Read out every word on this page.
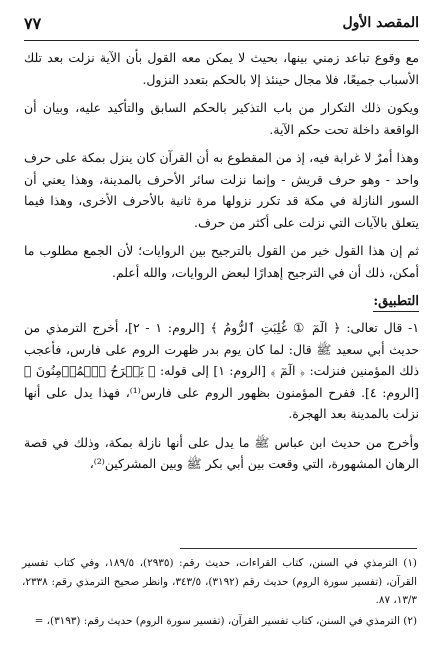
المقصد الأول
٧٧

مع وقوع تباعد زمني بينها، بحيث لا يمكن معه القول بأن الآية نزلت بعد تلك الأسباب جميعًا، فلا مجال حينئذ إلا بالحكم بتعدد النزول.

ويكون ذلك التكرار من باب التذكير بالحكم السابق والتأكيد عليه، وبيان أن الواقعة داخلة تحت حكم الآية.

وهذا أمرٌ لا غرابة فيه، إذ من المقطوع به أن القرآن كان ينزل بمكة على حرف واحد - وهو حرف قريش - وإنما نزلت سائر الأحرف بالمدينة، وهذا يعني أن السور النازلة في مكة قد تكرر نزولها مرة ثانية بالأحرف الأخرى، وهذا فيما يتعلق بالآيات التي نزلت على أكثر من حرف.

ثم إن هذا القول خير من القول بالترجيح بين الروايات؛ لأن الجمع مطلوب ما أمكن، ذلك أن في الترجيح إهدارًا لبعض الروايات، والله أعلم.

التطبيق:

١- قال تعالى: ﴿ الٓمٓ ① غُلِبَتِ ٱلرُّومُ ﴾ [الروم: ١ - ٢]، أخرج الترمذي من حديث أبي سعيد ﷺ قال: لما كان يوم بدر ظهرت الروم على فارس، فأعجب ذلك المؤمنين فنزلت: ﴿ الٓمٓ ﴾ [الروم: ١] إلى قوله: ﴿ يَفۡرَحُ ٱلۡمُؤۡمِنُونَ ﴾ [الروم: ٤]. ففرح المؤمنون بظهور الروم على فارس⁽¹⁾، فهذا يدل على أنها نزلت بالمدينة بعد الهجرة.

وأخرج من حديث ابن عباس ﷺ ما يدل على أنها نازلة بمكة، وذلك في قصة الرهان المشهورة، التي وقعت بين أبي بكر ﷺ وبين المشركين⁽²⁾،

(١) الترمذي في السنن، كتاب القراءات، حديث رقم: (٢٩٣٥)، ١٨٩/٥، وفي كتاب تفسير القرآن، (تفسير سورة الروم) حديث رقم (٣١٩٢)، ٣٤٣/٥، وانظر صحيح الترمذي رقم: ٢٣٣٨، ١٣/٣، ٨٧.

(٢) الترمذي في السنن، كتاب تفسير القرآن، (تفسير سورة الروم) حديث رقم: (٣١٩٣)، =
